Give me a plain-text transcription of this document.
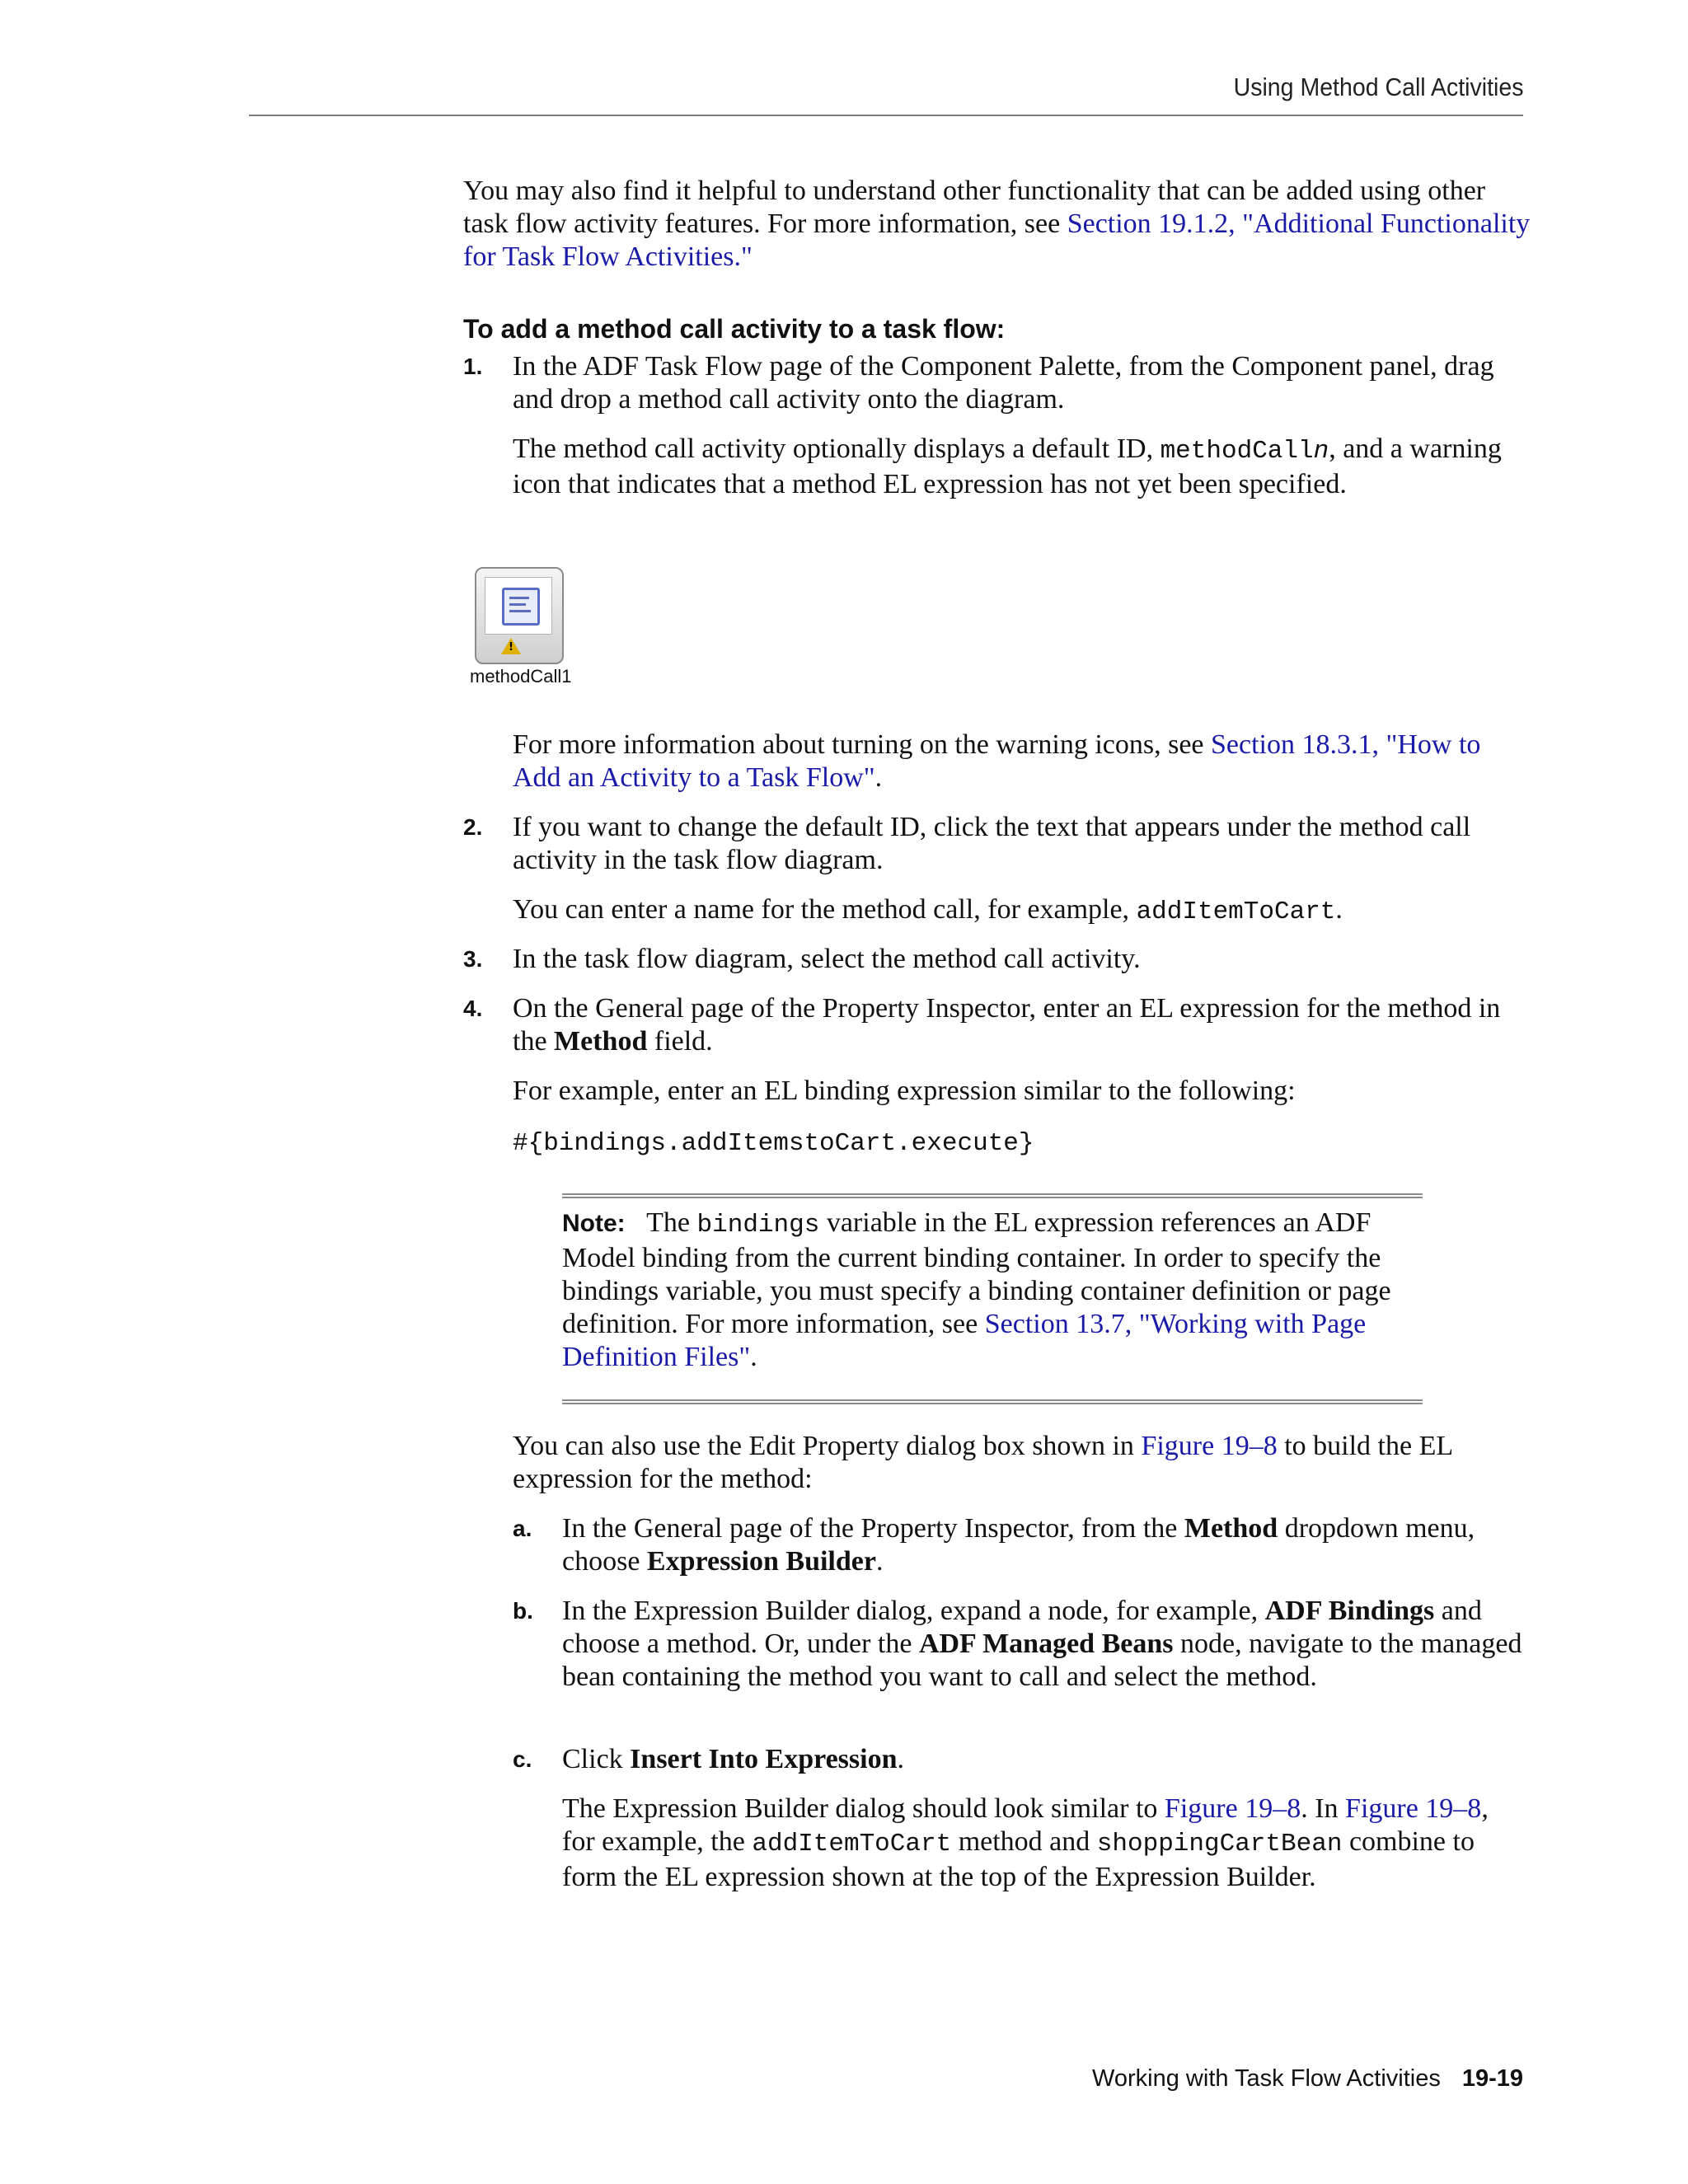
Using Method Call Activities
You may also find it helpful to understand other functionality that can be added using other task flow activity features. For more information, see Section 19.1.2, "Additional Functionality for Task Flow Activities."
To add a method call activity to a task flow:
1. In the ADF Task Flow page of the Component Palette, from the Component panel, drag and drop a method call activity onto the diagram.
The method call activity optionally displays a default ID, methodCalln, and a warning icon that indicates that a method EL expression has not yet been specified.
!
methodCall1
For more information about turning on the warning icons, see Section 18.3.1, "How to Add an Activity to a Task Flow".
2. If you want to change the default ID, click the text that appears under the method call activity in the task flow diagram.
You can enter a name for the method call, for example, addItemToCart.
3. In the task flow diagram, select the method call activity.
4. On the General page of the Property Inspector, enter an EL expression for the method in the Method field.
For example, enter an EL binding expression similar to the following:
#{bindings.addItemstoCart.execute}
Note: The bindings variable in the EL expression references an ADF Model binding from the current binding container. In order to specify the bindings variable, you must specify a binding container definition or page definition. For more information, see Section 13.7, "Working with Page Definition Files".
You can also use the Edit Property dialog box shown in Figure 19–8 to build the EL expression for the method:
a. In the General page of the Property Inspector, from the Method dropdown menu, choose Expression Builder.
b. In the Expression Builder dialog, expand a node, for example, ADF Bindings and choose a method. Or, under the ADF Managed Beans node, navigate to the managed bean containing the method you want to call and select the method.
c. Click Insert Into Expression.
The Expression Builder dialog should look similar to Figure 19–8. In Figure 19–8, for example, the addItemToCart method and shoppingCartBean combine to form the EL expression shown at the top of the Expression Builder.
Working with Task Flow Activities 19-19
